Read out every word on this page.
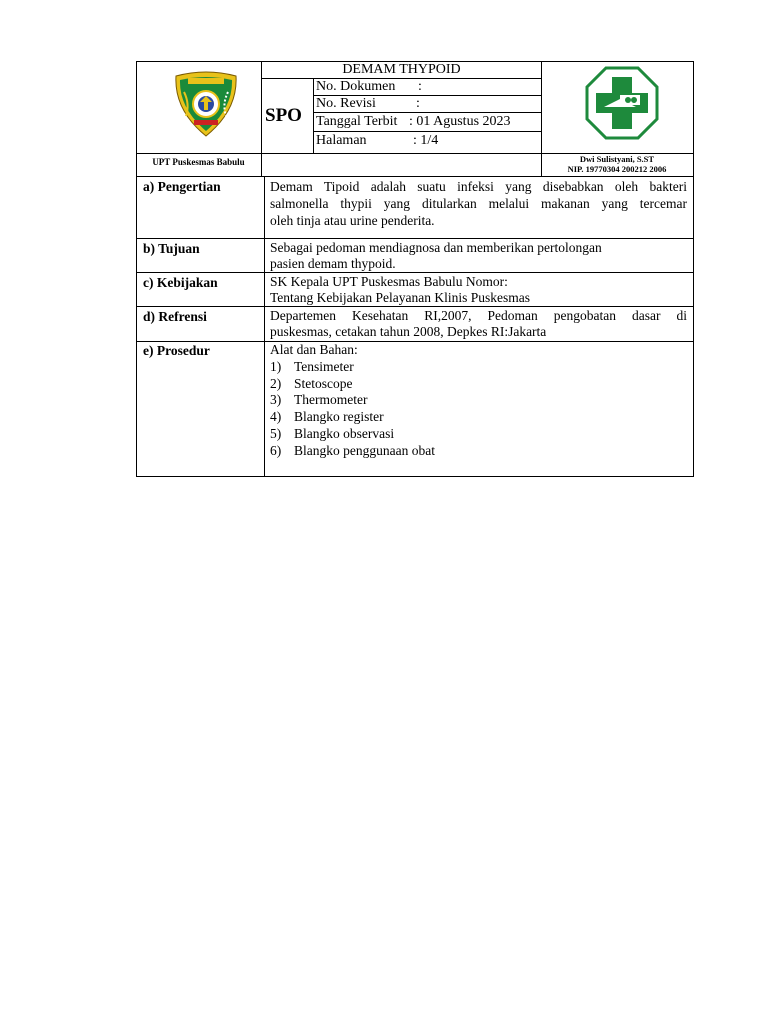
DEMAM THYPOID
SPO
No. Dokumen :
No. Revisi	:
Tanggal Terbit : 01 Agustus 2023
Halaman	: 1/4
UPT Puskesmas Babulu	Dwi Sulistyani, S.ST
NIP. 19770304 200212 2006
a) Pengertian	Demam Tipoid adalah suatu infeksi yang disebabkan oleh bakteri
salmonella thypii yang ditularkan melalui makanan yang tercemar
oleh tinja atau urine penderita.
b) Tujuan	Sebagai pedoman mendiagnosa dan memberikan pertolongan
pasien demam thypoid.
c) Kebijakan	SK Kepala UPT Puskesmas Babulu Nomor:
Tentang Kebijakan Pelayanan Klinis Puskesmas
d) Refrensi	Departemen Kesehatan RI,2007, Pedoman pengobatan dasar di
puskesmas, cetakan tahun 2008, Depkes RI:Jakarta
e) Prosedur	Alat dan Bahan:
1) Tensimeter
2) Stetoscope
3) Thermometer
4) Blangko register
5) Blangko observasi
6) Blangko penggunaan obat
